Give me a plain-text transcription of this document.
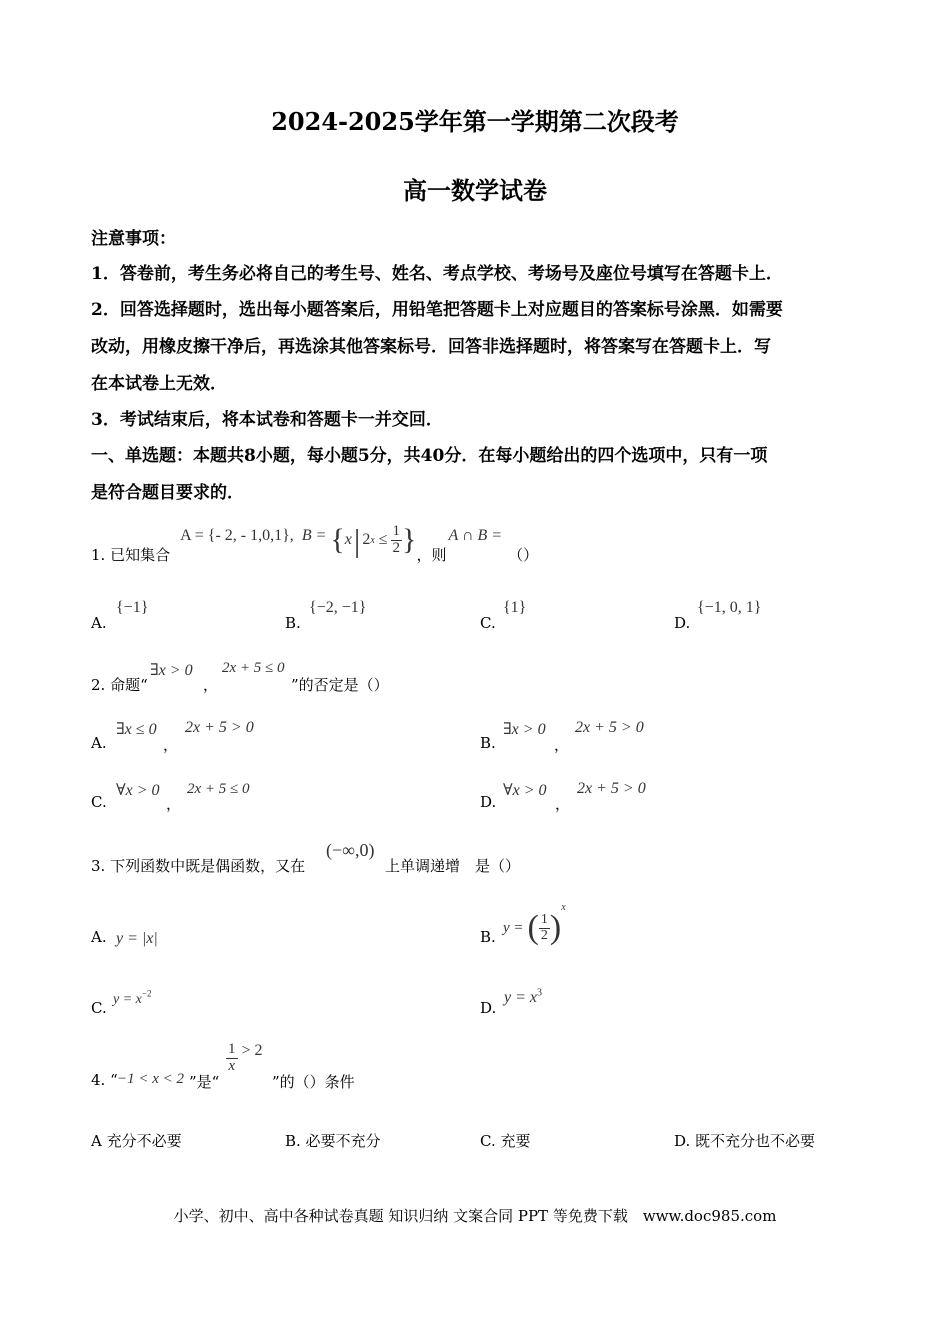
2024-2025学年第一学期第二次段考
高一数学试卷
注意事项：
1．答卷前，考生务必将自己的考生号、姓名、考点学校、考场号及座位号填写在答题卡上．
2．回答选择题时，选出每小题答案后，用铅笔把答题卡上对应题目的答案标号涂黑．如需要
改动，用橡皮擦干净后，再选涂其他答案标号．回答非选择题时，将答案写在答题卡上．写
在本试卷上无效．
3．考试结束后，将本试卷和答题卡一并交回．
一、单选题：本题共8小题，每小题5分，共40分．在每小题给出的四个选项中，只有一项
是符合题目要求的．
1. 已知集合
A = {- 2, - 1,0,1}, B = { x | 2 $x \le \frac{1}{2}$ } ，则
A ∩ B =
（）
A.
{−1}
B.
{−2, −1}
C.
{1}
D.
{−1, 0, 1}
2. 命题“
∃x > 0
，
2x + 5 ≤ 0
”的否定是（）
A.
∃x ≤ 0
，
2x + 5 > 0
B.
∃x > 0
，
2x + 5 > 0
C.
∀x > 0
，
2x + 5 ≤ 0
D.
∀x > 0
，
2x + 5 > 0
3. 下列函数中既是偶函数，又在
(−∞,0)
上单调递增　是（）
A. y = |x|	B.
y = ( $\frac{1}{2}$ )
x
C. $y = x^{-2}$
D.
$y = x^3$
4. “ −1 < x < 2 ”是“
$\frac{1}{x} > 2$
”的（）条件
A 充分不必要	B. 必要不充分	C. 充要	D. 既不充分也不必要
小学、初中、高中各种试卷真题 知识归纳 文案合同 PPT 等免费下载　www.doc985.com
